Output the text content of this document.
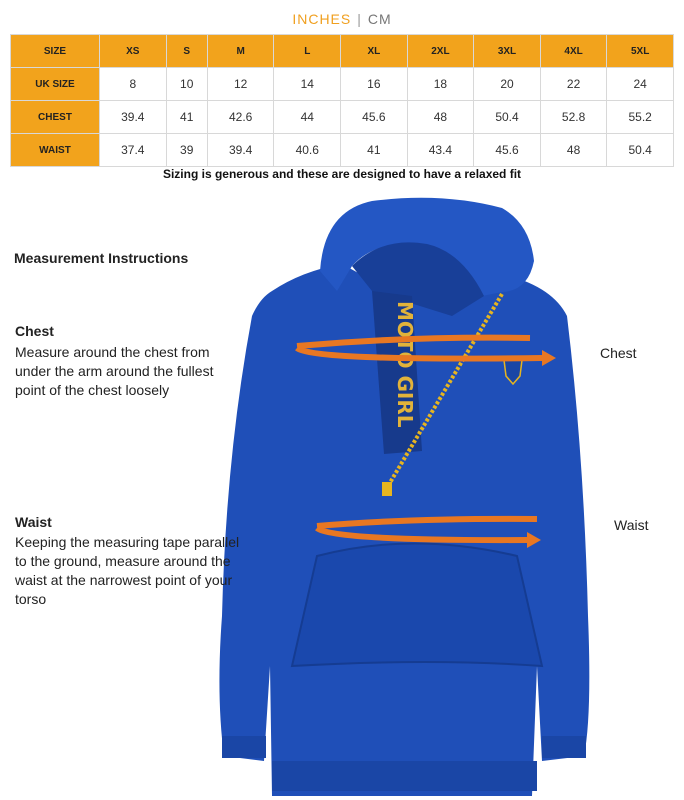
INCHES | CM
SIZE	XS	S	M	L	XL	2XL	3XL	4XL	5XL
UK SIZE	8	10	12	14	16	18	20	22	24
CHEST	39.4	41	42.6	44	45.6	48	50.4	52.8	55.2
WAIST	37.4	39	39.4	40.6	41	43.4	45.6	48	50.4
Sizing is generous and these are designed to have a relaxed fit
MOTO GIRL
Measurement Instructions
Chest
Measure around the chest from under the arm around the fullest point of the chest loosely
Waist
Keeping the measuring tape parallel to the ground, measure around the waist at the narrowest point of your torso
Chest
Waist
